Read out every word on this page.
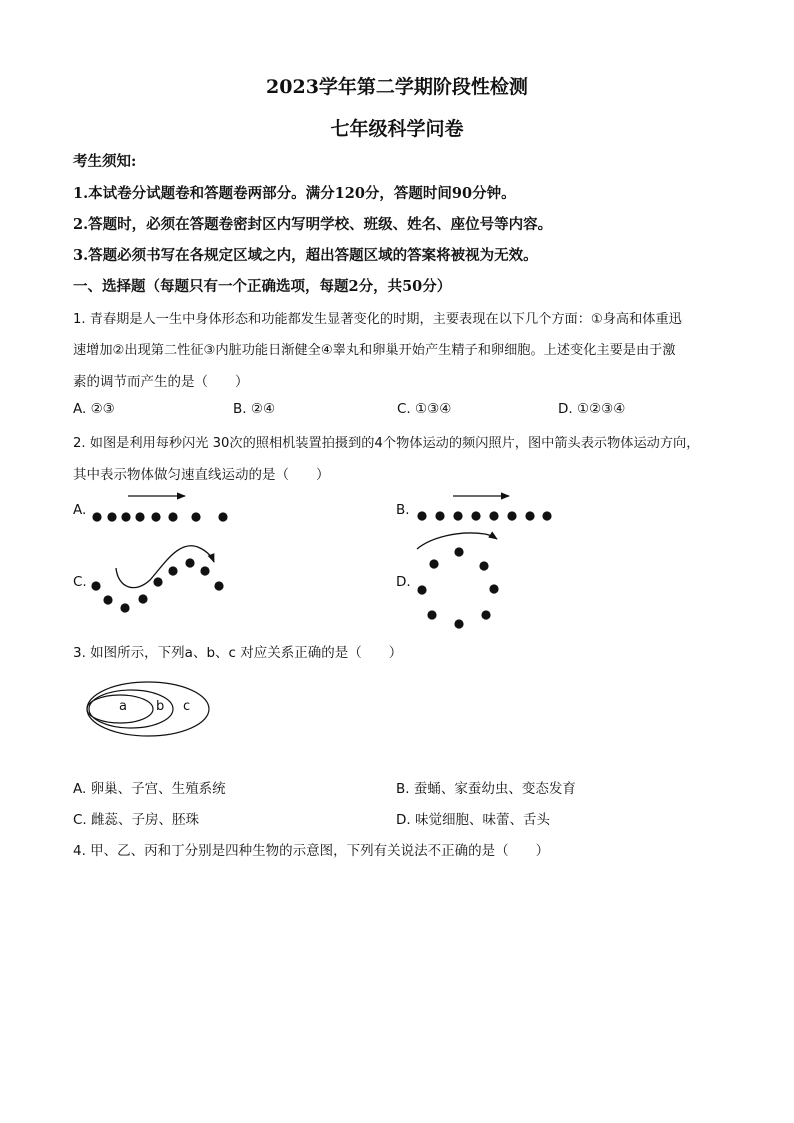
2023学年第二学期阶段性检测
七年级科学问卷
考生须知:
1.本试卷分试题卷和答题卷两部分。满分120分，答题时间90分钟。
2.答题时，必须在答题卷密封区内写明学校、班级、姓名、座位号等内容。
3.答题必须书写在各规定区域之内，超出答题区域的答案将被视为无效。
一、选择题（每题只有一个正确选项，每题2分，共50分）
1. 青春期是人一生中身体形态和功能都发生显著变化的时期，主要表现在以下几个方面：①身高和体重迅
速增加②出现第二性征③内脏功能日渐健全④睾丸和卵巢开始产生精子和卵细胞。上述变化主要是由于激
素的调节而产生的是（　　）
A. ②③	B. ②④	C. ①③④	D. ①②③④
2. 如图是利用每秒闪光 30次的照相机装置拍摄到的4个物体运动的频闪照片，图中箭头表示物体运动方向，
其中表示物体做匀速直线运动的是（　　）
A.	B.
C.	D.
3. 如图所示，下列a、b、c 对应关系正确的是（　　）
a b c
A. 卵巢、子宫、生殖系统	B. 蚕蛹、家蚕幼虫、变态发育
C. 雌蕊、子房、胚珠	D. 味觉细胞、味蕾、舌头
4. 甲、乙、丙和丁分别是四种生物的示意图，下列有关说法不正确的是（　　）
